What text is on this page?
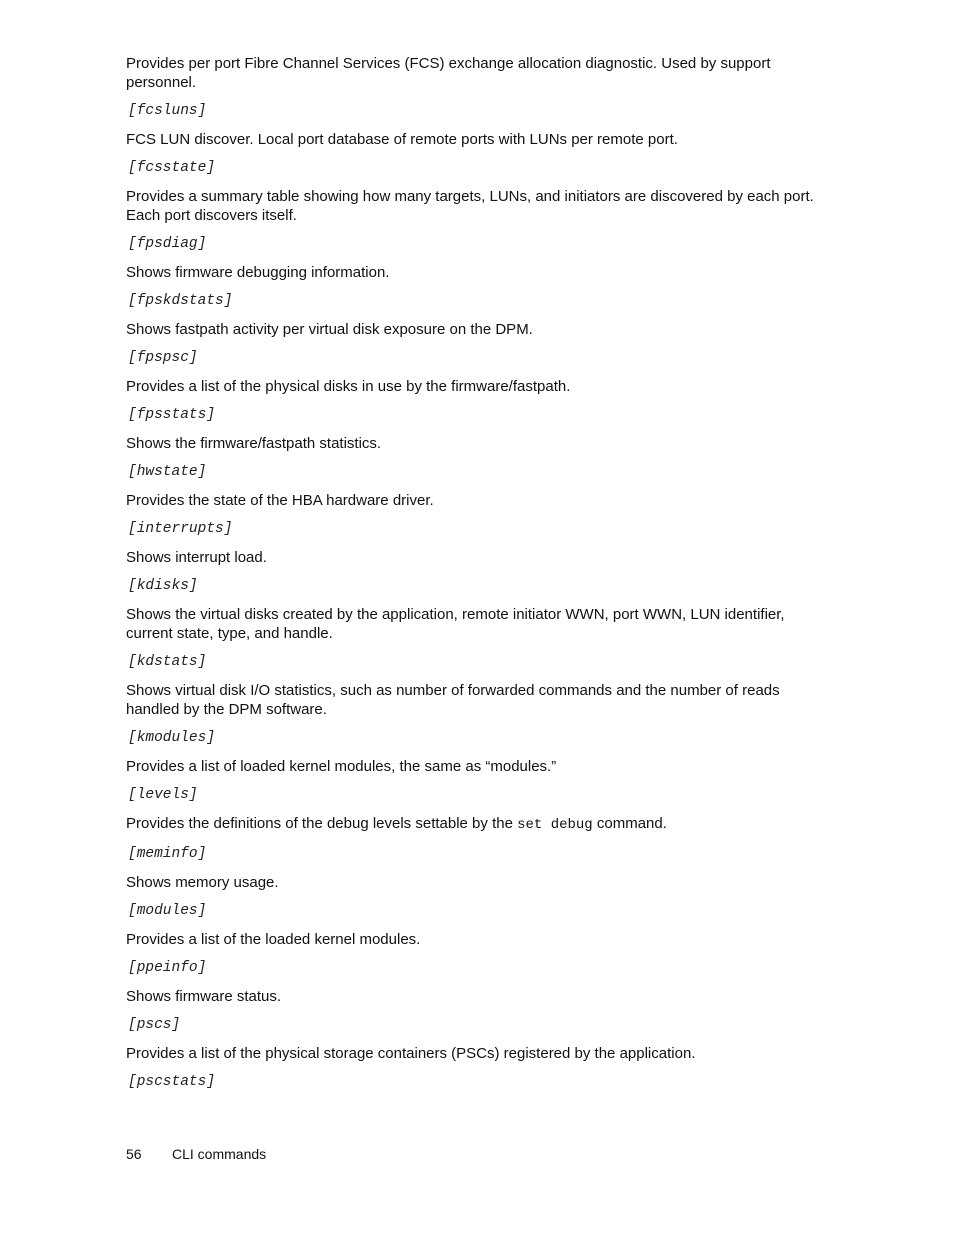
Provides per port Fibre Channel Services (FCS) exchange allocation diagnostic. Used by support personnel.

[fcsluns]

FCS LUN discover. Local port database of remote ports with LUNs per remote port.

[fcsstate]

Provides a summary table showing how many targets, LUNs, and initiators are discovered by each port. Each port discovers itself.

[fpsdiag]

Shows firmware debugging information.

[fpskdstats]

Shows fastpath activity per virtual disk exposure on the DPM.

[fpspsc]

Provides a list of the physical disks in use by the firmware/fastpath.

[fpsstats]

Shows the firmware/fastpath statistics.

[hwstate]

Provides the state of the HBA hardware driver.

[interrupts]

Shows interrupt load.

[kdisks]

Shows the virtual disks created by the application, remote initiator WWN, port WWN, LUN identifier, current state, type, and handle.

[kdstats]

Shows virtual disk I/O statistics, such as number of forwarded commands and the number of reads handled by the DPM software.

[kmodules]

Provides a list of loaded kernel modules, the same as “modules.”

[levels]

Provides the definitions of the debug levels settable by the set debug command.

[meminfo]

Shows memory usage.

[modules]

Provides a list of the loaded kernel modules.

[ppeinfo]

Shows firmware status.

[pscs]

Provides a list of the physical storage containers (PSCs) registered by the application.

[pscstats]
56 CLI commands
